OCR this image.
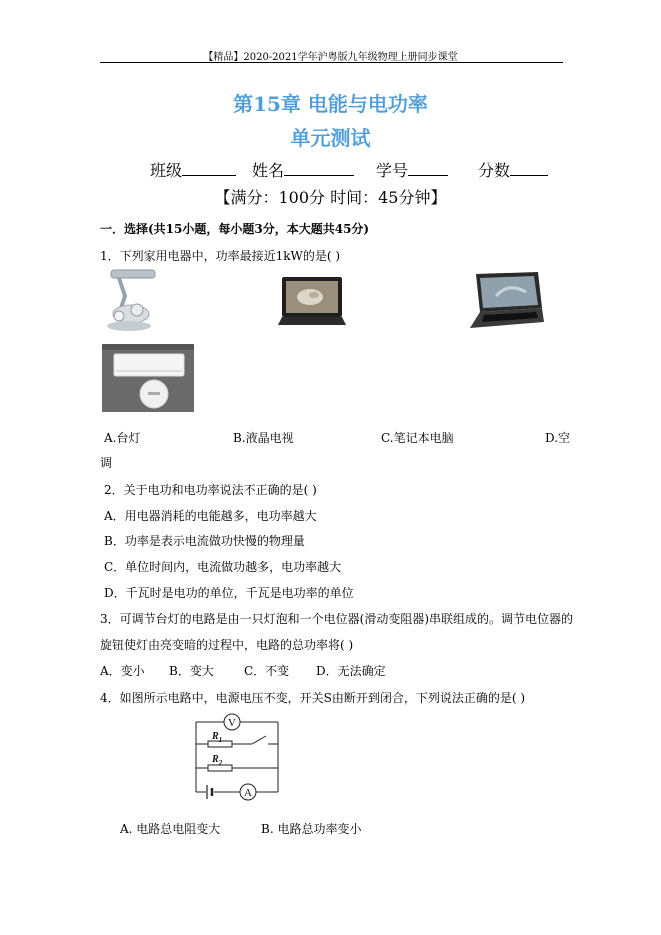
【精品】2020-2021学年沪粤版九年级物理上册同步课堂
第15章 电能与电功率
单元测试
班级	姓名	学号	分数
【满分：100分 时间：45分钟】
一．选择(共15小题，每小题3分，本大题共45分)
1．下列家用电器中，功率最接近1kW的是( )
A.台灯	B.液晶电视	C.笔记本电脑	D.空
调
2．关于电功和电功率说法不正确的是( )
A．用电器消耗的电能越多，电功率越大
B．功率是表示电流做功快慢的物理量
C．单位时间内，电流做功越多，电功率越大
D．千瓦时是电功的单位，千瓦是电功率的单位
3．可调节台灯的电路是由一只灯泡和一个电位器(滑动变阻器)串联组成的。调节电位器的
旋钮使灯由亮变暗的过程中，电路的总功率将( )
A．变小 B．变大	C．不变 D．无法确定
4．如图所示电路中，电源电压不变，开关S由断开到闭合，下列说法正确的是( )
V
A
$R_1$
$R_2$
A. 电路总电阻变大	B. 电路总功率变小
